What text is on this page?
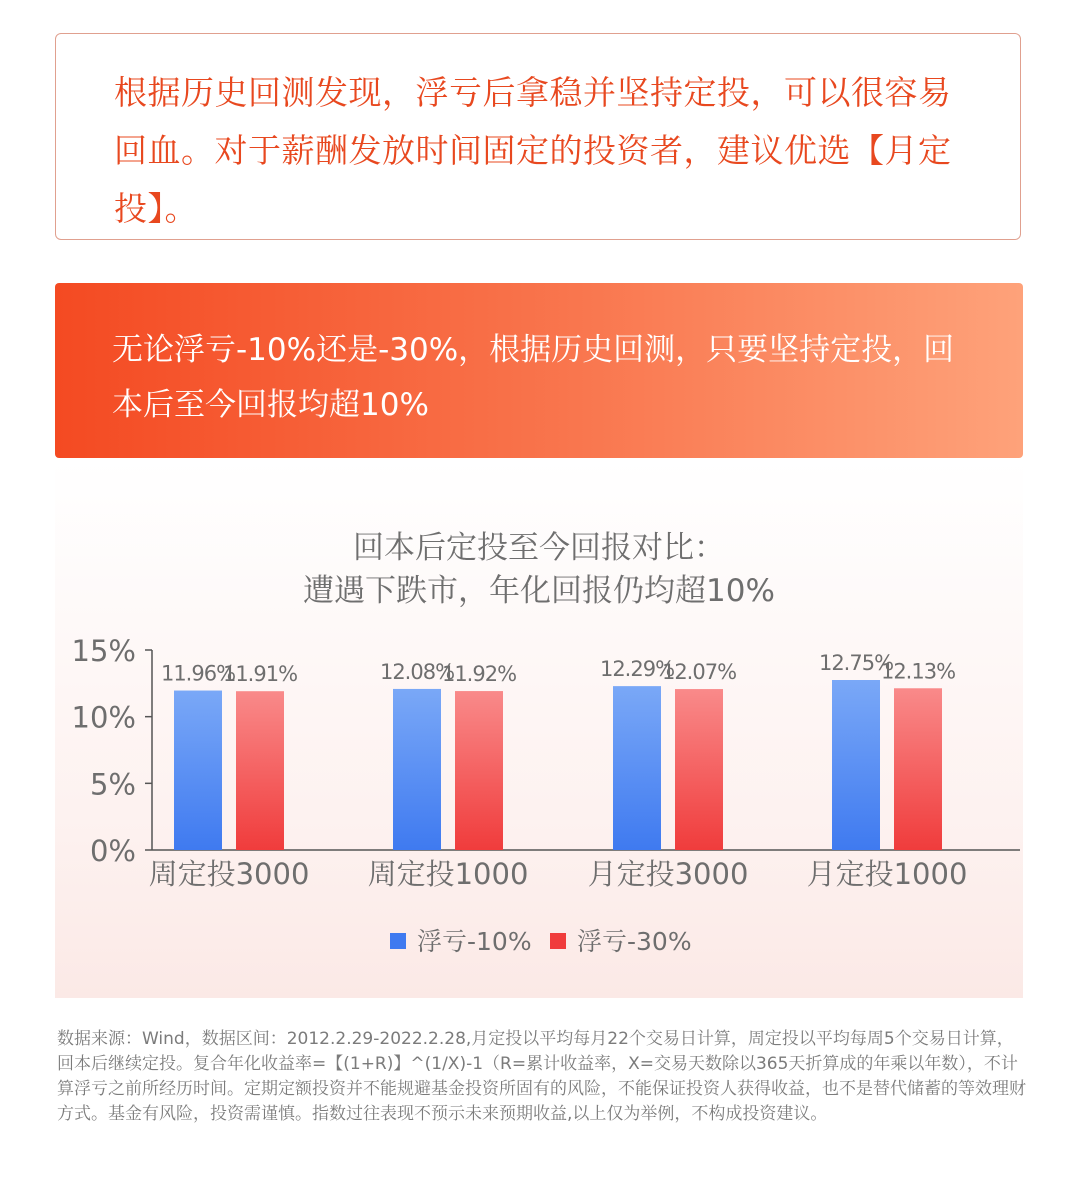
根据历史回测发现，浮亏后拿稳并坚持定投，可以很容易回血。对于薪酬发放时间固定的投资者，建议优选【月定投】。

无论浮亏-10%还是-30%，根据历史回测，只要坚持定投，回本后至今回报均超10%

回本后定投至今回报对比：

遭遇下跌市，年化回报仍均超10%

0%
5%
10%
15%
11.96%
11.91%
周定投3000
12.08%
11.92%
周定投1000
12.29%
12.07%
月定投3000
12.75%
12.13%
月定投1000
浮亏-10% 浮亏-30%

数据来源：Wind，数据区间：2012.2.29-2022.2.28,月定投以平均每月22个交易日计算，周定投以平均每周5个交易日计算，回本后继续定投。复合年化收益率=【(1+R)】^(1/X)-1（R=累计收益率，X=交易天数除以365天折算成的年乘以年数），不计算浮亏之前所经历时间。定期定额投资并不能规避基金投资所固有的风险，不能保证投资人获得收益，也不是替代储蓄的等效理财方式。基金有风险，投资需谨慎。指数过往表现不预示未来预期收益,以上仅为举例，不构成投资建议。
